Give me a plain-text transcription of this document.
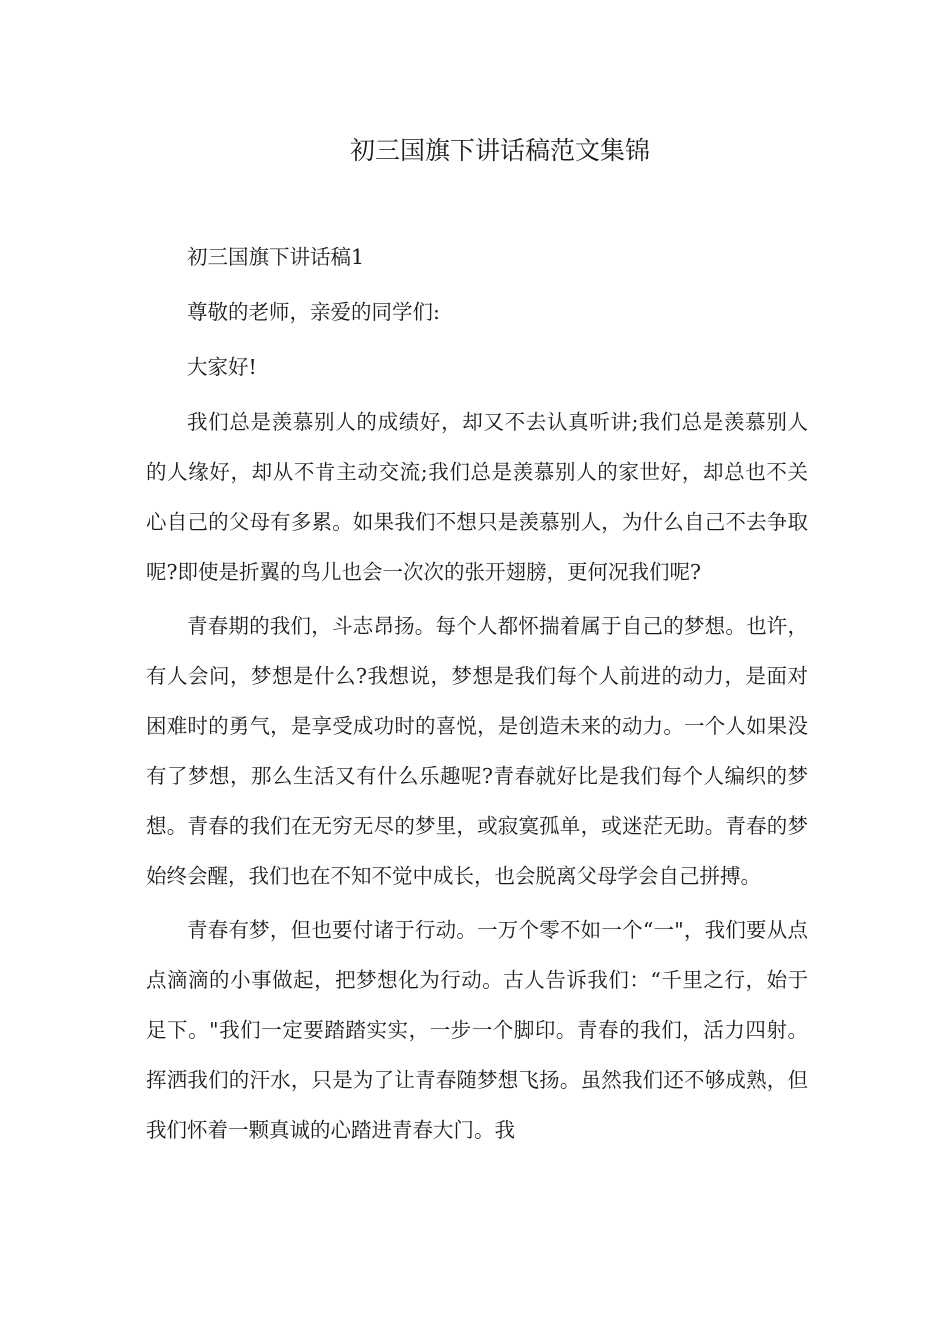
初三国旗下讲话稿范文集锦

初三国旗下讲话稿1

尊敬的老师，亲爱的同学们:

大家好!

我们总是羡慕别人的成绩好，却又不去认真听讲;我们总是羡慕别人的人缘好，却从不肯主动交流;我们总是羡慕别人的家世好，却总也不关心自己的父母有多累。如果我们不想只是羡慕别人，为什么自己不去争取呢?即使是折翼的鸟儿也会一次次的张开翅膀，更何况我们呢?

青春期的我们，斗志昂扬。每个人都怀揣着属于自己的梦想。也许，有人会问，梦想是什么?我想说，梦想是我们每个人前进的动力，是面对困难时的勇气，是享受成功时的喜悦，是创造未来的动力。一个人如果没有了梦想，那么生活又有什么乐趣呢?青春就好比是我们每个人编织的梦想。青春的我们在无穷无尽的梦里，或寂寞孤单，或迷茫无助。青春的梦始终会醒，我们也在不知不觉中成长，也会脱离父母学会自己拼搏。

青春有梦，但也要付诸于行动。一万个零不如一个“一"，我们要从点点滴滴的小事做起，把梦想化为行动。古人告诉我们：“千里之行，始于足下。"我们一定要踏踏实实，一步一个脚印。青春的我们，活力四射。挥洒我们的汗水，只是为了让青春随梦想飞扬。虽然我们还不够成熟，但我们怀着一颗真诚的心踏进青春大门。我
